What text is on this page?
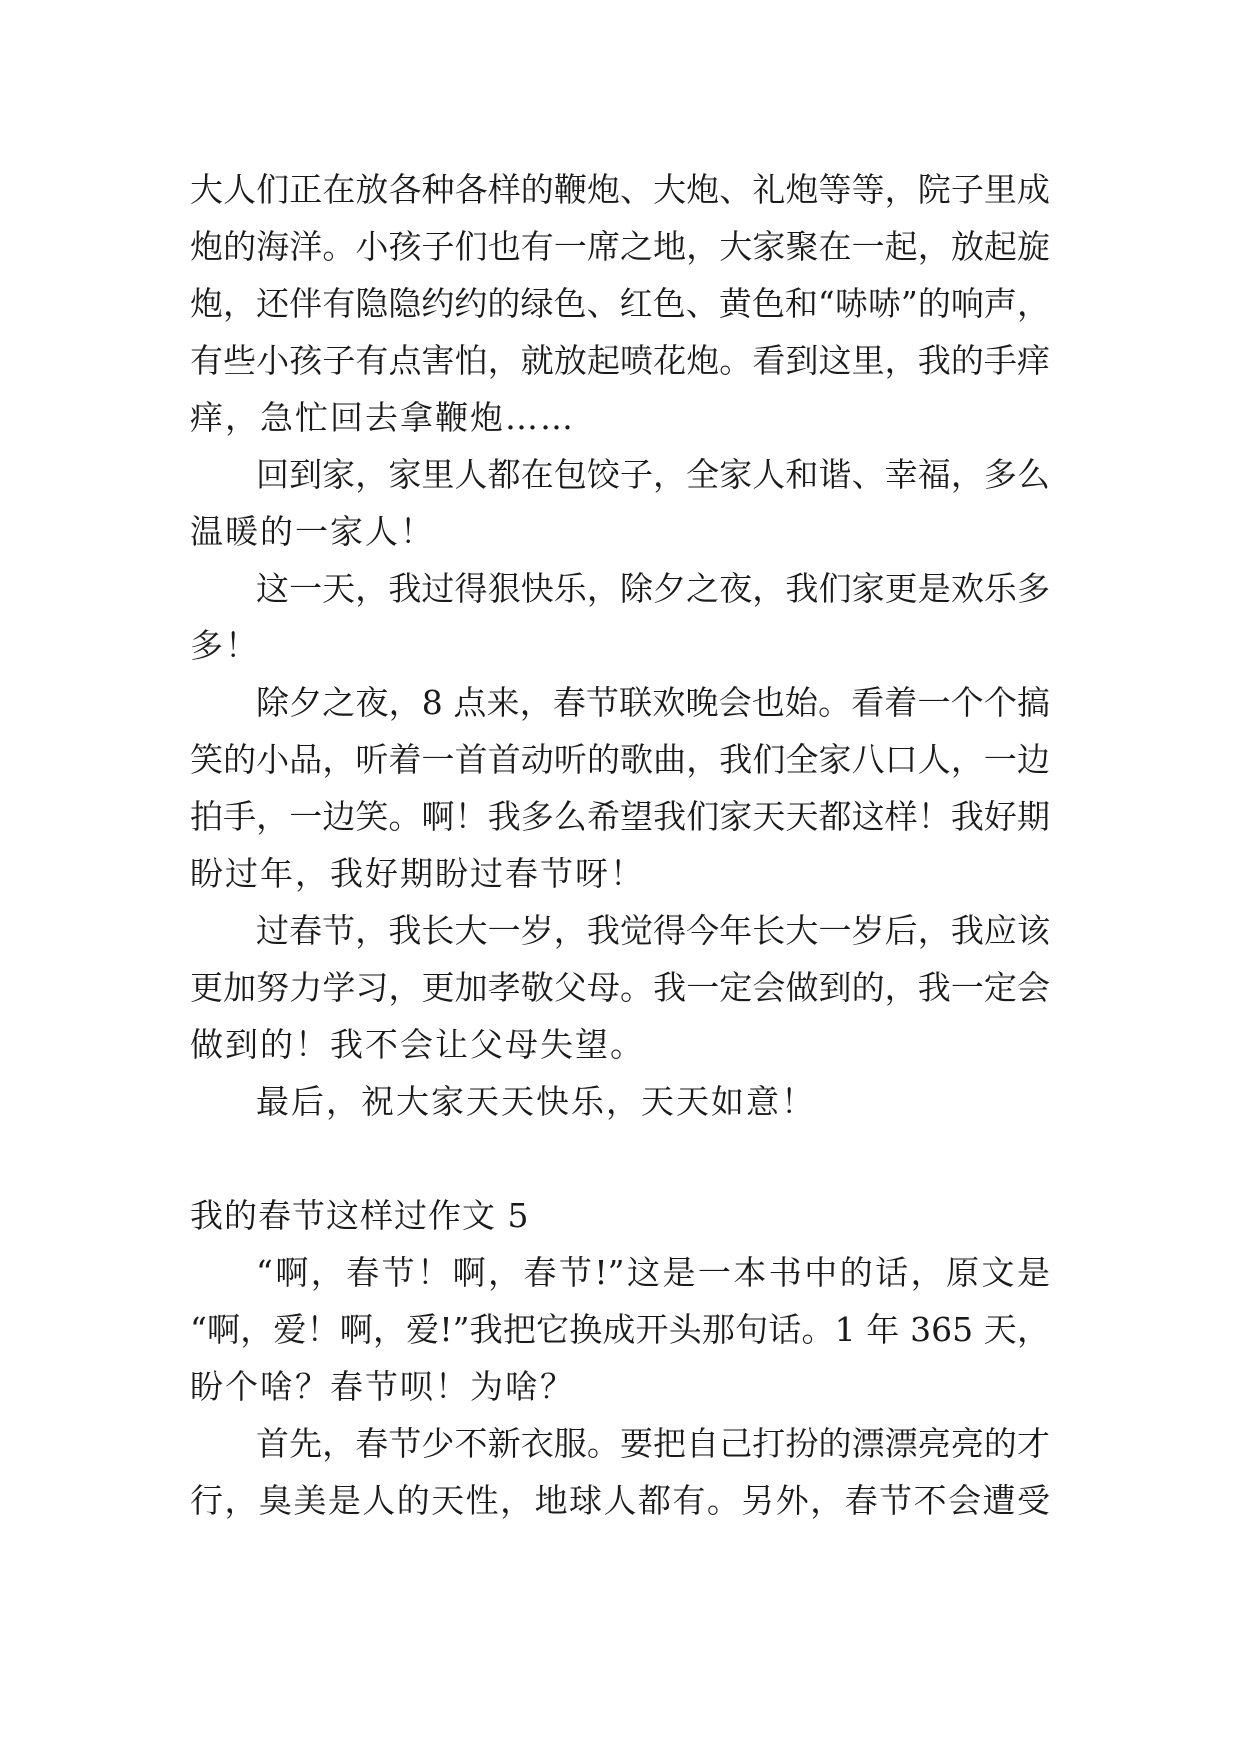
大人们正在放各种各样的鞭炮、大炮、礼炮等等，院子里成
炮的海洋。小孩子们也有一席之地，大家聚在一起，放起旋
炮，还伴有隐隐约约的绿色、红色、黄色和“哧哧”的响声，
有些小孩子有点害怕，就放起喷花炮。看到这里，我的手痒
痒，急忙回去拿鞭炮……
回到家，家里人都在包饺子，全家人和谐、幸福，多么
温暖的一家人！
这一天，我过得狠快乐，除夕之夜，我们家更是欢乐多
多！
除夕之夜，8 点来，春节联欢晚会也始。看着一个个搞
笑的小品，听着一首首动听的歌曲，我们全家八口人，一边
拍手，一边笑。啊！我多么希望我们家天天都这样！我好期
盼过年，我好期盼过春节呀！
过春节，我长大一岁，我觉得今年长大一岁后，我应该
更加努力学习，更加孝敬父母。我一定会做到的，我一定会
做到的！我不会让父母失望。
最后，祝大家天天快乐，天天如意！
我的春节这样过作文 5
“啊，春节！啊，春节!”这是一本书中的话，原文是
“啊，爱！啊，爱!”我把它换成开头那句话。1 年 365 天，
盼个啥？春节呗！为啥？
首先，春节少不新衣服。要把自己打扮的漂漂亮亮的才
行，臭美是人的天性，地球人都有。另外，春节不会遭受
